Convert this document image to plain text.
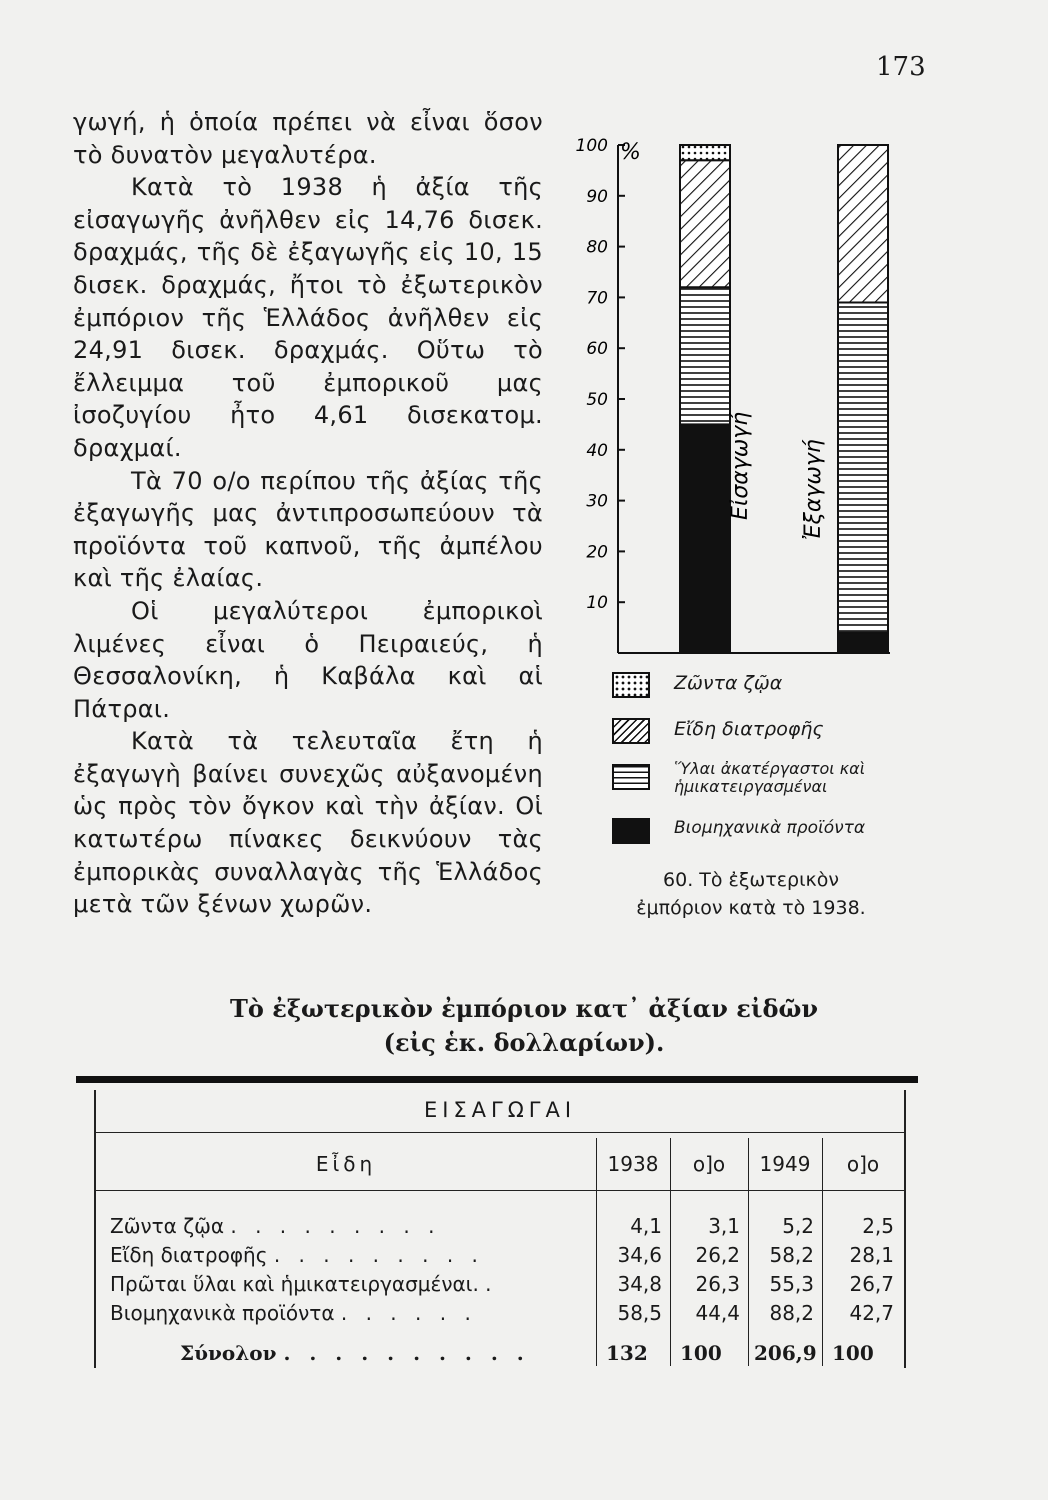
173

γωγή, ἡ ὁποία πρέπει νὰ εἶναι ὅσον τὸ δυνατὸν μεγαλυτέρα.

Κατὰ τὸ 1938 ἡ ἀξία τῆς εἰσαγωγῆς ἀνῆλθεν εἰς 14,76 δισεκ. δραχμάς, τῆς δὲ ἐξαγωγῆς εἰς 10, 15 δισεκ. δραχμάς, ἤτοι τὸ ἐξωτερικὸν ἐμπόριον τῆς Ἑλλάδος ἀνῆλθεν εἰς 24,91 δισεκ. δραχμάς. Οὕτω τὸ ἔλλειμμα τοῦ ἐμπορικοῦ μας ἰσοζυγίου ἦτο 4,61 δισεκατομ. δραχμαί.

Τὰ 70 ο/ο περίπου τῆς ἀξίας τῆς ἐξαγωγῆς μας ἀντιπροσωπεύουν τὰ προϊόντα τοῦ καπνοῦ, τῆς ἀμπέλου καὶ τῆς ἐλαίας.

Οἱ μεγαλύτεροι ἐμπορικοὶ λιμένες εἶναι ὁ Πειραιεύς, ἡ Θεσσαλονίκη, ἡ Καβάλα καὶ αἱ Πάτραι.

Κατὰ τὰ τελευταῖα ἔτη ἡ ἐξαγωγὴ βαίνει συνεχῶς αὐξανομένη ὡς πρὸς τὸν ὄγκον καὶ τὴν ἀξίαν. Οἱ κατωτέρω πίνακες δεικνύουν τὰς ἐμπορικὰς συναλλαγὰς τῆς Ἑλλάδος μετὰ τῶν ξένων χωρῶν.

10
20
30
40
50
60
70
80
90
100 %
Εἰσαγωγή Ἐξαγωγή
Ζῶντα ζῷα
Εἴδη διατροφῆς
Ὕλαι ἀκατέργαστοι καὶ ἡμικατειργασμέναι
Βιομηχανικὰ προϊόντα
60. Τὸ ἐξωτερικὸν
ἐμπόριον κατὰ τὸ 1938.
Τὸ ἐξωτερικὸν ἐμπόριον κατ᾽ ἀξίαν εἰδῶν
(εἰς ἑκ. δολλαρίων).
ΕΙΣΑΓΩΓΑΙ
Εἶδη	1938	ο]ο	1949	ο]ο
Ζῶντα ζῷα . . . . . . . . .	4,1	3,1	5,2	2,5
Εἴδη διατροφῆς . . . . . . . . .	34,6	26,2	58,2	28,1
Πρῶται ὕλαι καὶ ἡμικατειργασμέναι. .	34,8	26,3	55,3	26,7
Βιομηχανικὰ προϊόντα . . . . . .	58,5	44,4	88,2	42,7
Σύνολον . . . . . . . . . .	132	100	206,9 100
